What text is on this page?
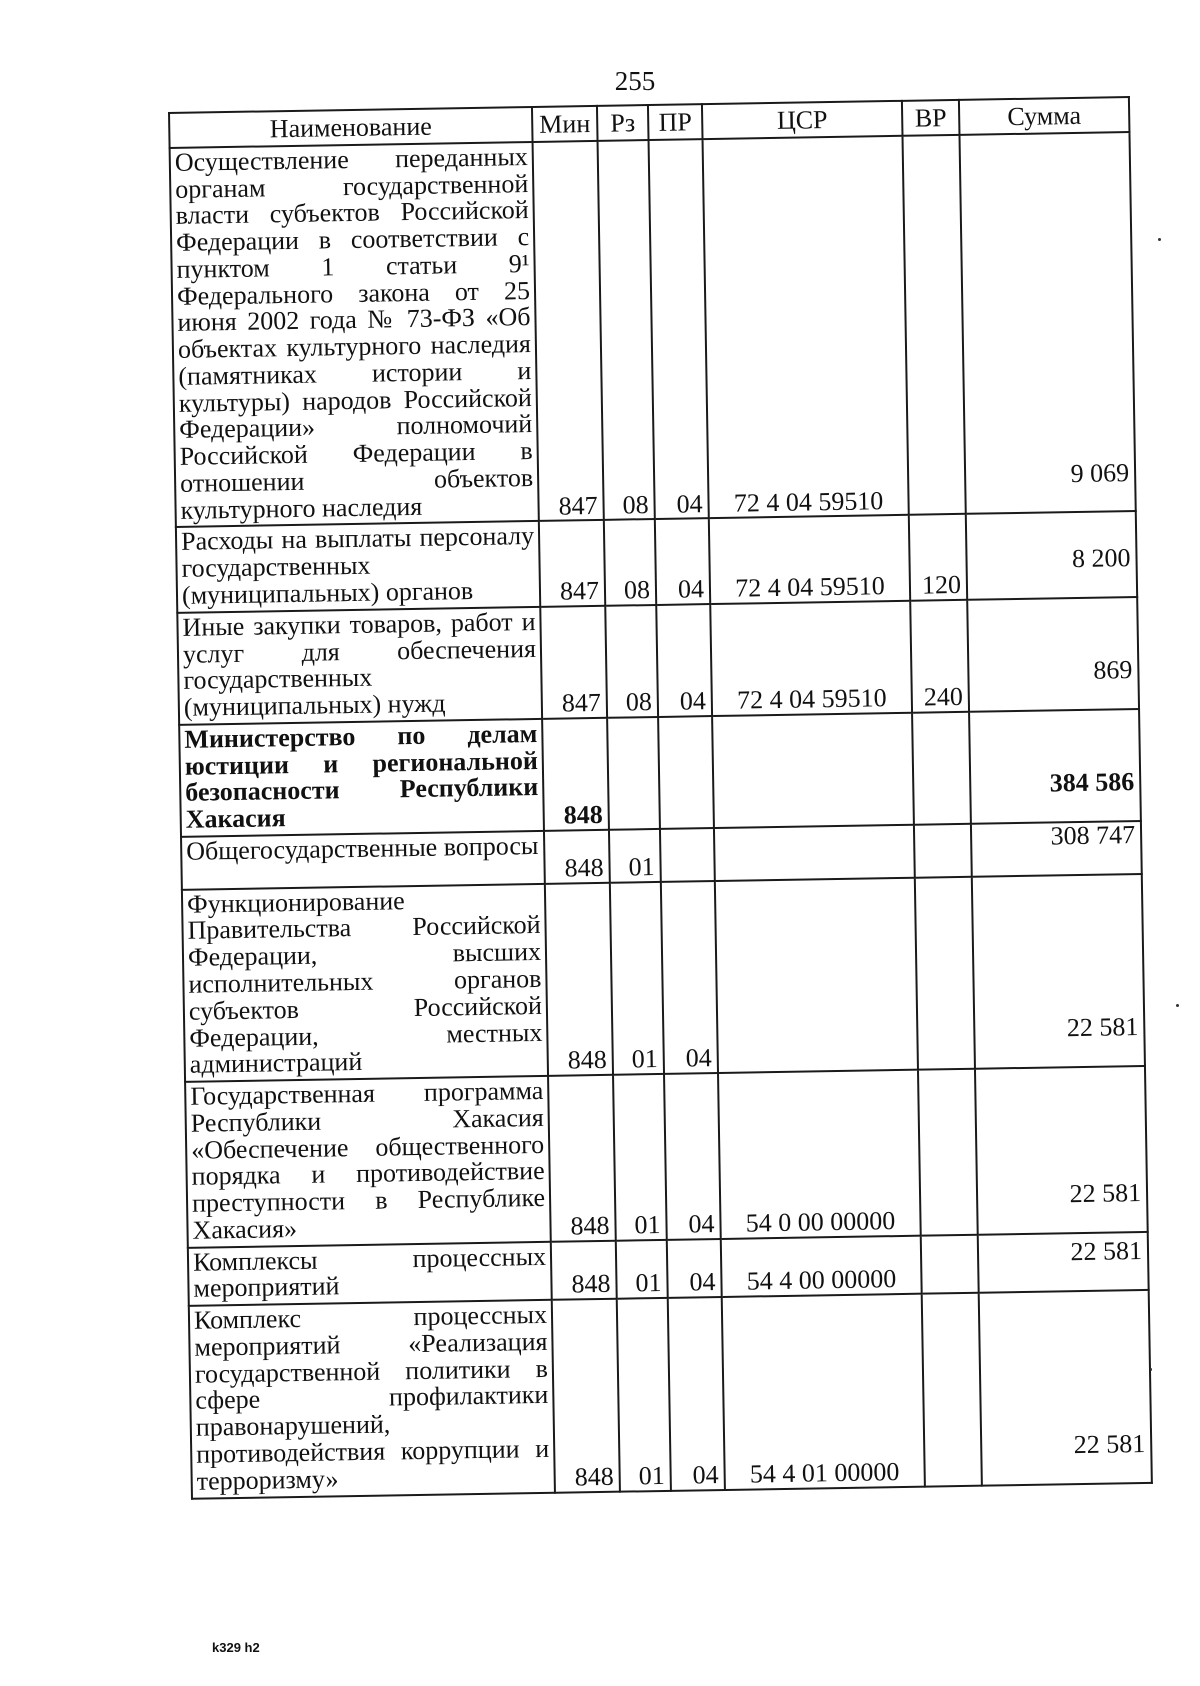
255
Наименование	Мин	Рз	ПР	ЦСР	ВР	Сумма
Осуществление переданных органам государственной власти субъектов Российской Федерации в соответствии с пунктом 1 статьи 9¹ Федерального закона от 25 июня 2002 года № 73-ФЗ «Об объектах культурного наследия (памятниках истории и культуры) народов Российской Федерации» полномочий Российской Федерации в отношении объектов культурного наследия	847	08	04	72 4 04 59510		9 069
Расходы на выплаты персоналу государственных (муниципальных) органов	847	08	04	72 4 04 59510	120	8 200
Иные закупки товаров, работ и услуг для обеспечения государственных (муниципальных) нужд	847	08	04	72 4 04 59510	240	869
Министерство по делам юстиции и региональной безопасности Республики Хакасия	848					384 586
Общегосударственные вопросы	848	01				308 747
Функционирование Правительства Российской Федерации, высших исполнительных органов субъектов Российской Федерации, местных администраций	848	01	04			22 581
Государственная программа Республики Хакасия «Обеспечение общественного порядка и противодействие преступности в Республике Хакасия»	848	01	04	54 0 00 00000		22 581
Комплексы процессных мероприятий	848	01	04	54 4 00 00000		22 581
Комплекс процессных мероприятий «Реализация государственной политики в сфере профилактики правонарушений, противодействия коррупции и терроризму»	848	01	04	54 4 01 00000		22 581
k329 h2
